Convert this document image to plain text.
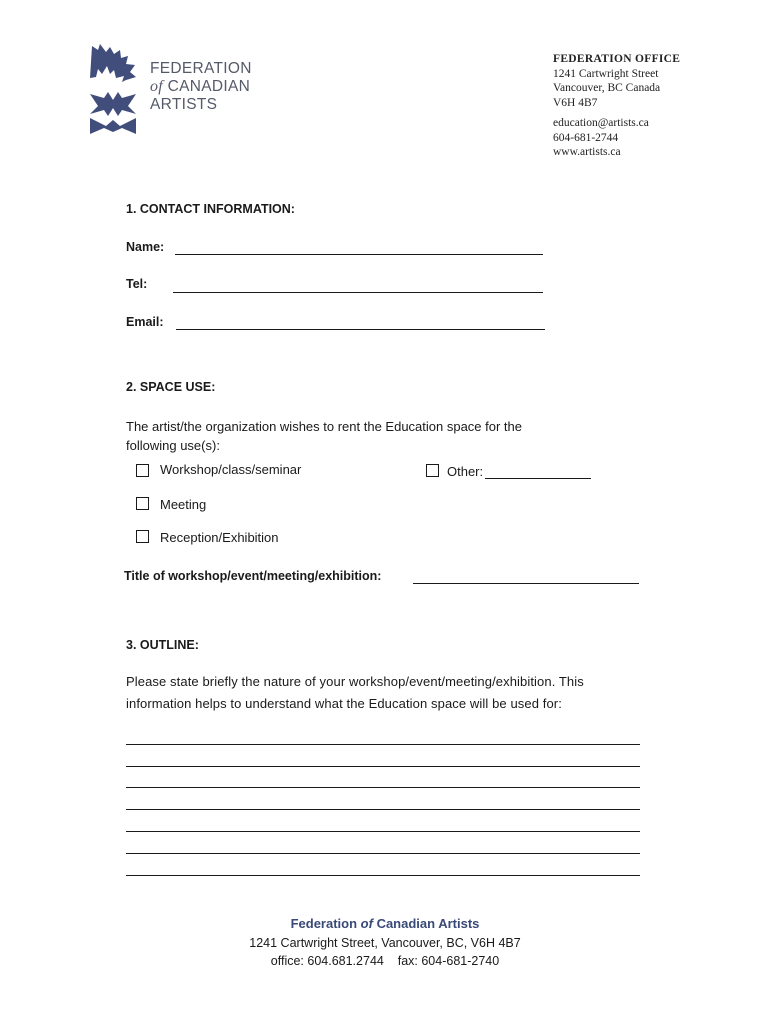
FEDERATION
of CANADIAN
ARTISTS
FEDERATION OFFICE
1241 Cartwright Street
Vancouver, BC Canada
V6H 4B7
education@artists.ca
604-681-2744
www.artists.ca
1. CONTACT INFORMATION:
Name:
Tel:
Email:
2. SPACE USE:
The artist/the organization wishes to rent the Education space for the
following use(s):
Workshop/class/seminar	Other:
Meeting
Reception/Exhibition
Title of workshop/event/meeting/exhibition:
3. OUTLINE:
Please state briefly the nature of your workshop/event/meeting/exhibition. This
information helps to understand what the Education space will be used for:
Federation of Canadian Artists
1241 Cartwright Street, Vancouver, BC, V6H 4B7
office: 604.681.2744    fax: 604-681-2740
